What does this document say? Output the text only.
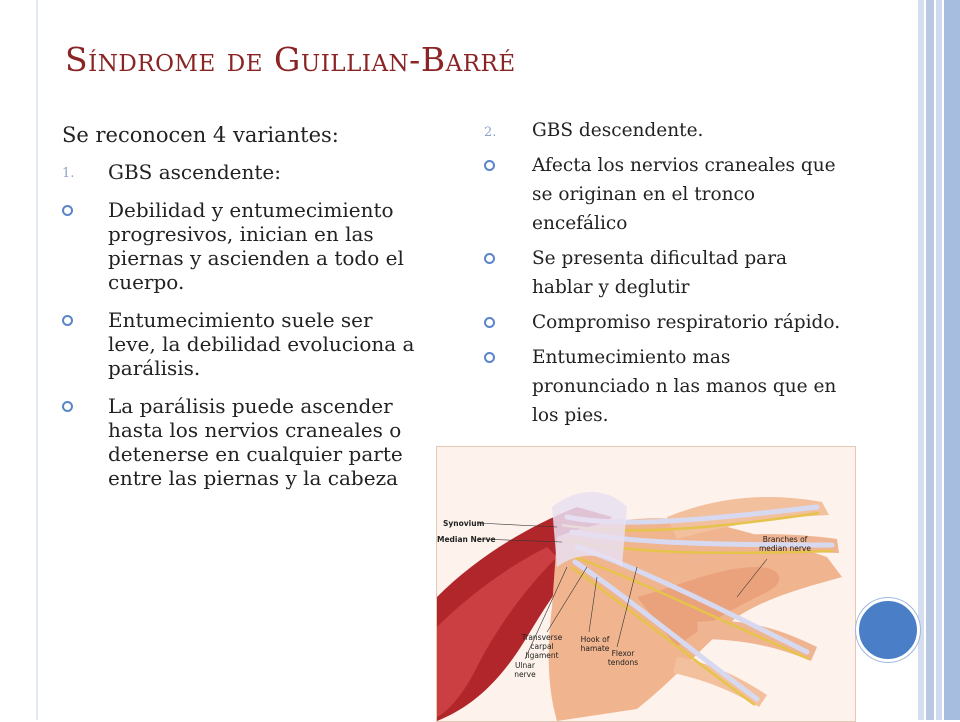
Síndrome de Guillian-Barré
Se reconocen 4 variantes:
1. GBS ascendente:
Debilidad y entumecimiento progresivos, inician en las piernas y ascienden a todo el cuerpo.
Entumecimiento suele ser leve, la debilidad evoluciona a parálisis.
La parálisis puede ascender hasta los nervios craneales o detenerse en cualquier parte entre las piernas y la cabeza
Synovium
Median Nerve	Branches of median nerve
Transverse carpal ligament
Hook of hamate
Ulnar nerve
Flexor tendons
2. GBS descendente.
Afecta los nervios craneales que se originan en el tronco encefálico
Se presenta dificultad para hablar y deglutir
Compromiso respiratorio rápido.
Entumecimiento mas pronunciado n las manos que en los pies.
